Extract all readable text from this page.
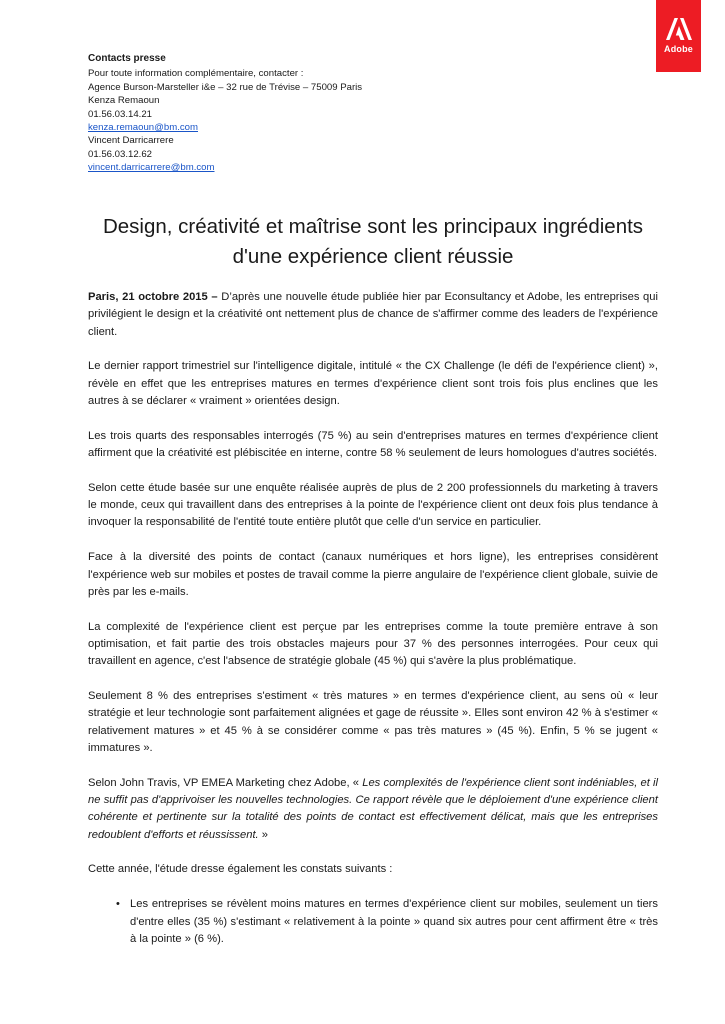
Adobe
Contacts presse
Pour toute information complémentaire, contacter :
Agence Burson-Marsteller i&e – 32 rue de Trévise – 75009 Paris
Kenza Remaoun
01.56.03.14.21
kenza.remaoun@bm.com
Vincent Darricarrere
01.56.03.12.62
vincent.darricarrere@bm.com
Design, créativité et maîtrise sont les principaux ingrédients
d'une expérience client réussie

Paris, 21 octobre 2015 – D’après une nouvelle étude publiée hier par Econsultancy et Adobe, les entreprises qui privilégient le design et la créativité ont nettement plus de chance de s'affirmer comme des leaders de l'expérience client.

Le dernier rapport trimestriel sur l'intelligence digitale, intitulé « the CX Challenge (le défi de l'expérience client) », révèle en effet que les entreprises matures en termes d'expérience client sont trois fois plus enclines que les autres à se déclarer « vraiment » orientées design.

Les trois quarts des responsables interrogés (75 %) au sein d'entreprises matures en termes d'expérience client affirment que la créativité est plébiscitée en interne, contre 58 % seulement de leurs homologues d'autres sociétés.

Selon cette étude basée sur une enquête réalisée auprès de plus de 2 200 professionnels du marketing à travers le monde, ceux qui travaillent dans des entreprises à la pointe de l'expérience client ont deux fois plus tendance à invoquer la responsabilité de l'entité toute entière plutôt que celle d'un service en particulier.

Face à la diversité des points de contact (canaux numériques et hors ligne), les entreprises considèrent l'expérience web sur mobiles et postes de travail comme la pierre angulaire de l'expérience client globale, suivie de près par les e-mails.

La complexité de l'expérience client est perçue par les entreprises comme la toute première entrave à son optimisation, et fait partie des trois obstacles majeurs pour 37 % des personnes interrogées. Pour ceux qui travaillent en agence, c'est l'absence de stratégie globale (45 %) qui s'avère la plus problématique.

Seulement 8 % des entreprises s'estiment « très matures » en termes d'expérience client, au sens où « leur stratégie et leur technologie sont parfaitement alignées et gage de réussite ». Elles sont environ 42 % à s'estimer « relativement matures » et 45 % à se considérer comme « pas très matures » (45 %). Enfin, 5 % se jugent « immatures ».

Selon John Travis, VP EMEA Marketing chez Adobe, « Les complexités de l'expérience client sont indéniables, et il ne suffit pas d'apprivoiser les nouvelles technologies. Ce rapport révèle que le déploiement d'une expérience client cohérente et pertinente sur la totalité des points de contact est effectivement délicat, mais que les entreprises redoublent d'efforts et réussissent. »

Cette année, l'étude dresse également les constats suivants :

• Les entreprises se révèlent moins matures en termes d'expérience client sur mobiles, seulement un tiers d'entre elles (35 %) s'estimant « relativement à la pointe » quand six autres pour cent affirment être « très à la pointe » (6 %).
